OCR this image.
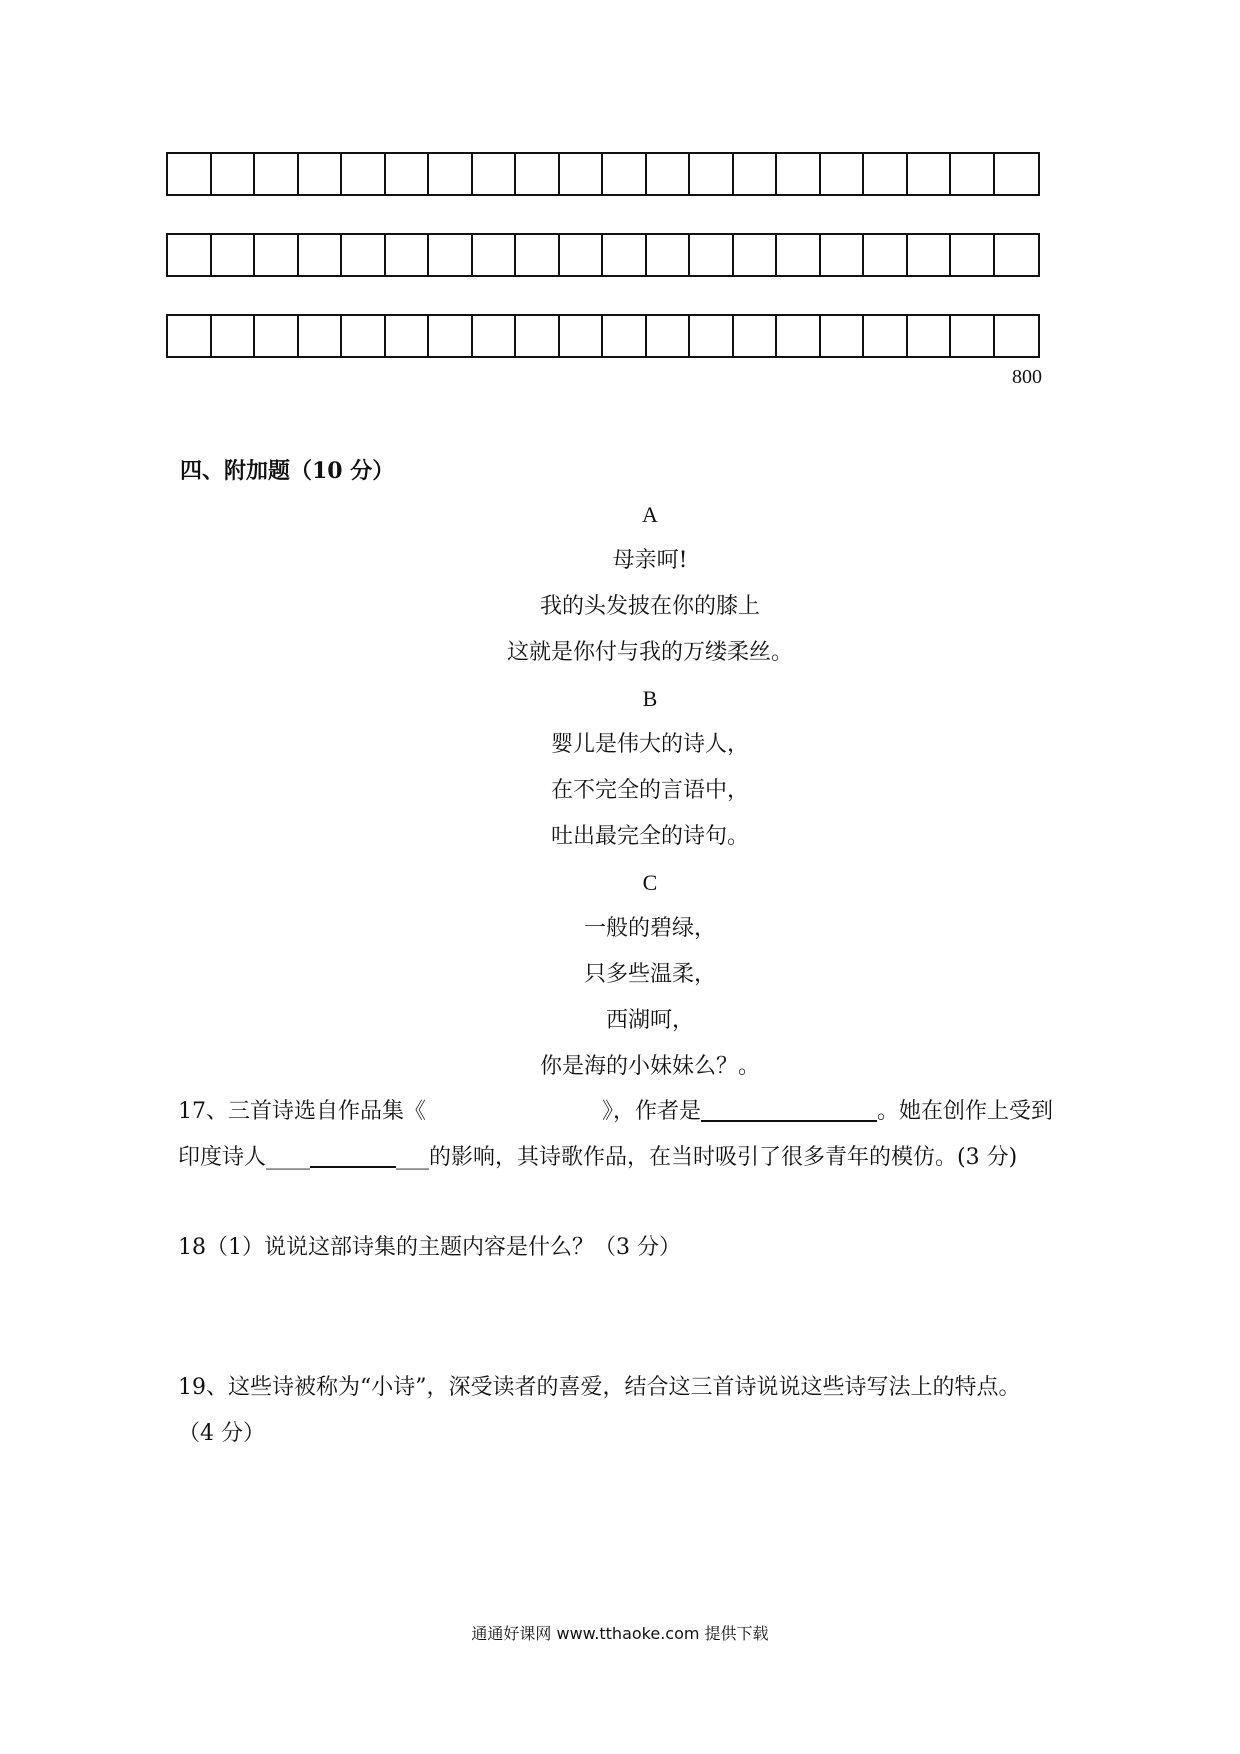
800
四、附加题（10 分）
A
母亲呵!
我的头发披在你的膝上
这就是你付与我的万缕柔丝。
B
婴儿是伟大的诗人，
在不完全的言语中，
吐出最完全的诗句。
C
一般的碧绿，
只多些温柔，
西湖呵，
你是海的小妹妹么？。
17、三首诗选自作品集《	》，作者是	。她在创作上受到
印度诗人____	___的影响，其诗歌作品，在当时吸引了很多青年的模仿。(3 分)
18（1）说说这部诗集的主题内容是什么？（3 分）
19、这些诗被称为“小诗”，深受读者的喜爱，结合这三首诗说说这些诗写法上的特点。
（4 分）
通通好课网 www.tthaoke.com 提供下载
